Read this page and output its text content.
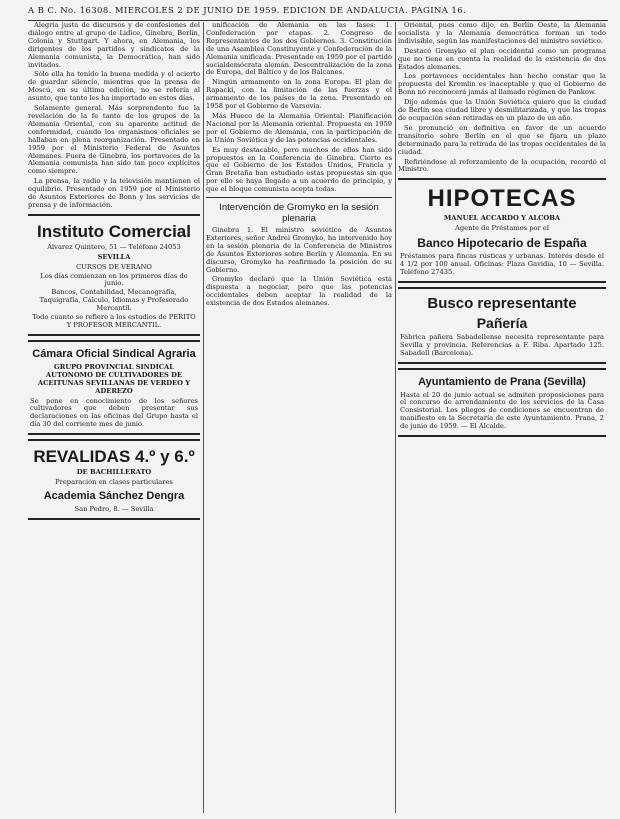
A B C. No. 16308. MIERCOLES 2 DE JUNIO DE 1959. EDICION DE ANDALUCIA. PAGINA 16.

Alegria justa de discursos y de confesiones del diálogo entre al grupo de Lidice, Ginebra, Berlín, Colonia y Stuttgart. Y ahora, en Alemania, los dirigentes de los partidos y sindicatos de la Alemania comunista, la Democrática, han sido invitados.

Sólo ella ha tenido la buena medida y el acierto de guardar silencio, mientras que la prensa de Moscú, en su última edición, no se refería al asunto, que tanto les ha importado en estos días.

Solamente general. Más sorprendente fue la revelación de la fe tanto de los grupos de la Alemania Oriental, con su aparente actitud de conformidad, cuando los organismos oficiales se hallaban en plena reorganización. Presentado en 1959 por el Ministerio Federal de Asuntos Alemanes. Fuera de Ginebra, los portavoces de la Alemania comunista han sido tan poco explícitos como siempre.

La prensa, la radio y la televisión mantienen el equilibrio. Presentado en 1959 por el Ministerio de Asuntos Exteriores de Bonn y los servicios de prensa y de información.

Instituto Comercial
Alvarez Quintero, 51 — Teléfono 24053
SEVILLA
CURSOS DE VERANO
Los días comienzan en los primeros días de junio.
Bancos, Contabilidad, Mecanografía, Taquigrafía, Cálculo, Idiomas y Profesorado Mercantil.
Todo cuanto se refiere a los estudios de PERITO Y PROFESOR MERCANTIL.
Cámara Oficial Sindical Agraria
GRUPO PROVINCIAL SINDICAL AUTONOMO DE CULTIVADORES DE ACEITUNAS SEVILLANAS DE VERDEO Y ADEREZO
Se pone en conocimiento de los señores cultivadores que deben presentar sus declaraciones en las oficinas del Grupo hasta el día 30 del corriente mes de junio.
REVALIDAS 4.º y 6.º
DE BACHILLERATO
Preparación en clases particulares
Academia Sánchez Dengra
San Pedro, 8. — Sevilla

unificación de Alemania en las fases: 1. Confederación por etapas. 2. Congreso de Representantes de los dos Gobiernos. 3. Constitución de una Asamblea Constituyente y Confederación de la Alemania unificada. Presentado en 1959 por el partido socialdemócrata alemán. Descentralización de la zona de Europa, del Báltico y de los Balcanes.

Ningún armamento en la zona Europa. El plan de Rapacki, con la limitación de las fuerzas y el armamento de los países de la zona. Presentado en 1958 por el Gobierno de Varsovia.

Más Hueco de la Alemania Oriental: Planificación Nacional por la Alemania oriental. Propuesta en 1959 por el Gobierno de Alemania, con la participación de la Unión Soviética y de las potencias occidentales.

Es muy destacable, pero muchos de ellos han sido propuestos en la Conferencia de Ginebra. Cierto es que el Gobierno de los Estados Unidos, Francia y Gran Bretaña han estudiado estas propuestas sin que por ello se haya llegado a un acuerdo de principio, y que el bloque comunista acepta todas.

Intervención de Gromyko en la sesión plenaria

Ginebra 1. El ministro soviético de Asuntos Exteriores, señor Andrei Gromyko, ha intervenido hoy en la sesión plenaria de la Conferencia de Ministros de Asuntos Exteriores sobre Berlín y Alemania. En su discurso, Gromyko ha reafirmado la posición de su Gobierno.

Gromyko declaró que la Unión Soviética está dispuesta a negociar, pero que las potencias occidentales deben aceptar la realidad de la existencia de dos Estados alemanes.

Oriental, pues como dijo, en Berlín Oeste, la Alemania socialista y la Alemania democrática forman un todo indivisible, según las manifestaciones del ministro soviético.

Destacó Gromyko el plan occidental como un programa que no tiene en cuenta la realidad de la existencia de dos Estados alemanes.

Los portavoces occidentales han hecho constar que la propuesta del Kremlin es inaceptable y que el Gobierno de Bonn no reconocerá jamás al llamado régimen de Pankow.

Dijo además que la Unión Soviética quiere que la ciudad de Berlín sea ciudad libre y desmilitarizada, y que las tropas de ocupación sean retiradas en un plazo de un año.

Se pronunció en definitiva en favor de un acuerdo transitorio sobre Berlín en el que se fijara un plazo determinado para la retirada de las tropas occidentales de la ciudad.

Refiriéndose al reforzamiento de la ocupación, recordó el Ministro.

HIPOTECAS
MANUEL ACCARDO Y ALCOBA
Agente de Préstamos por el
Banco Hipotecario de España
Préstamos para fincas rústicas y urbanas. Interés desde el 4 1/2 por 100 anual. Oficinas: Plaza Gavidia, 10 — Sevilla. Teléfono 27435.
Busco representante
Pañería
Fábrica pañera Sabadellense necesita representante para Sevilla y provincia. Referencias a F. Riba. Apartado 125. Sabadell (Barcelona).
Ayuntamiento de Prana (Sevilla)
Hasta el 20 de junio actual se admiten proposiciones para el concurso de arrendamiento de los servicios de la Casa Consistorial. Los pliegos de condiciones se encuentran de manifiesto en la Secretaría de este Ayuntamiento. Prana, 2 de junio de 1959. — El Alcalde.
